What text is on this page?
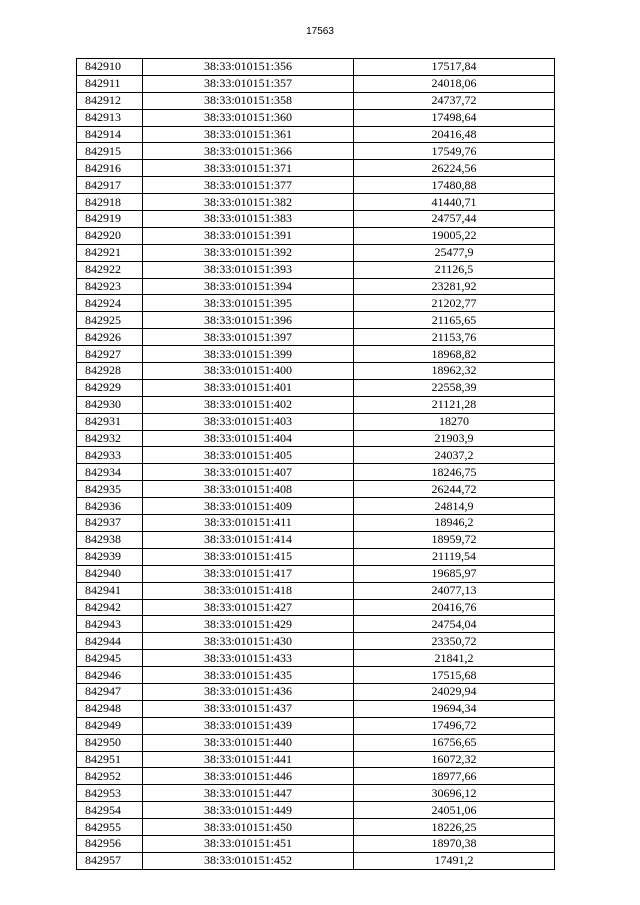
17563
842910	38:33:010151:356	17517,84
842911	38:33:010151:357	24018,06
842912	38:33:010151:358	24737,72
842913	38:33:010151:360	17498,64
842914	38:33:010151:361	20416,48
842915	38:33:010151:366	17549,76
842916	38:33:010151:371	26224,56
842917	38:33:010151:377	17480,88
842918	38:33:010151:382	41440,71
842919	38:33:010151:383	24757,44
842920	38:33:010151:391	19005,22
842921	38:33:010151:392	25477,9
842922	38:33:010151:393	21126,5
842923	38:33:010151:394	23281,92
842924	38:33:010151:395	21202,77
842925	38:33:010151:396	21165,65
842926	38:33:010151:397	21153,76
842927	38:33:010151:399	18968,82
842928	38:33:010151:400	18962,32
842929	38:33:010151:401	22558,39
842930	38:33:010151:402	21121,28
842931	38:33:010151:403	18270
842932	38:33:010151:404	21903,9
842933	38:33:010151:405	24037,2
842934	38:33:010151:407	18246,75
842935	38:33:010151:408	26244,72
842936	38:33:010151:409	24814,9
842937	38:33:010151:411	18946,2
842938	38:33:010151:414	18959,72
842939	38:33:010151:415	21119,54
842940	38:33:010151:417	19685,97
842941	38:33:010151:418	24077,13
842942	38:33:010151:427	20416,76
842943	38:33:010151:429	24754,04
842944	38:33:010151:430	23350,72
842945	38:33:010151:433	21841,2
842946	38:33:010151:435	17515,68
842947	38:33:010151:436	24029,94
842948	38:33:010151:437	19694,34
842949	38:33:010151:439	17496,72
842950	38:33:010151:440	16756,65
842951	38:33:010151:441	16072,32
842952	38:33:010151:446	18977,66
842953	38:33:010151:447	30696,12
842954	38:33:010151:449	24051,06
842955	38:33:010151:450	18226,25
842956	38:33:010151:451	18970,38
842957	38:33:010151:452	17491,2
